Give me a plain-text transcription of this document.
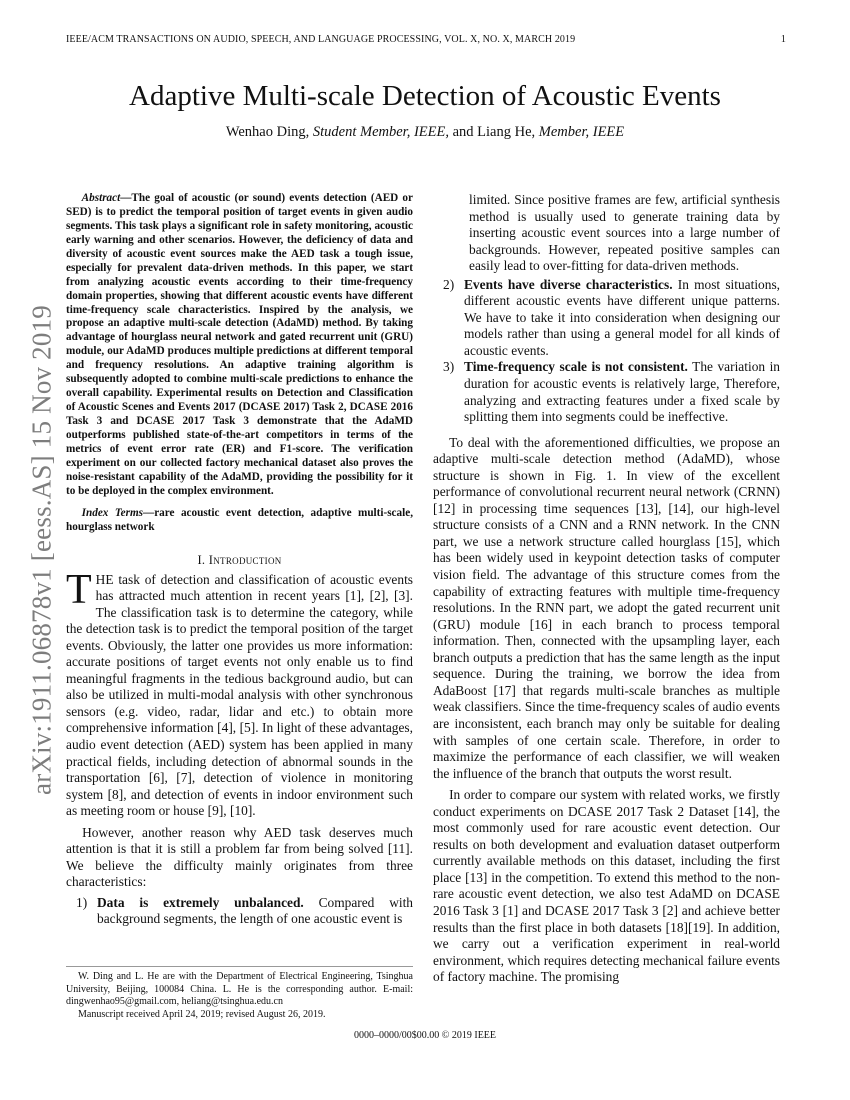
IEEE/ACM TRANSACTIONS ON AUDIO, SPEECH, AND LANGUAGE PROCESSING, VOL. X, NO. X, MARCH 2019	1
arXiv:1911.06878v1 [eess.AS] 15 Nov 2019
Adaptive Multi-scale Detection of Acoustic Events
Wenhao Ding, Student Member, IEEE, and Liang He, Member, IEEE

Abstract—The goal of acoustic (or sound) events detection (AED or SED) is to predict the temporal position of target events in given audio segments. This task plays a significant role in safety monitoring, acoustic early warning and other scenarios. However, the deficiency of data and diversity of acoustic event sources make the AED task a tough issue, especially for prevalent data-driven methods. In this paper, we start from analyzing acoustic events according to their time-frequency domain properties, showing that different acoustic events have different time-frequency scale characteristics. Inspired by the analysis, we propose an adaptive multi-scale detection (AdaMD) method. By taking advantage of hourglass neural network and gated recurrent unit (GRU) module, our AdaMD produces multiple predictions at different temporal and frequency resolutions. An adaptive training algorithm is subsequently adopted to combine multi-scale predictions to enhance the overall capability. Experimental results on Detection and Classification of Acoustic Scenes and Events 2017 (DCASE 2017) Task 2, DCASE 2016 Task 3 and DCASE 2017 Task 3 demonstrate that the AdaMD outperforms published state-of-the-art competitors in terms of the metrics of event error rate (ER) and F1-score. The verification experiment on our collected factory mechanical dataset also proves the noise-resistant capability of the AdaMD, providing the possibility for it to be deployed in the complex environment.

Index Terms—rare acoustic event detection, adaptive multi-scale, hourglass network

I. Introduction
THE task of detection and classification of acoustic events has attracted much attention in recent years [1], [2], [3]. The classification task is to determine the category, while the detection task is to predict the temporal position of the target events. Obviously, the latter one provides us more information: accurate positions of target events not only enable us to find meaningful fragments in the tedious background audio, but can also be utilized in multi-modal analysis with other synchronous sensors (e.g. video, radar, lidar and etc.) to obtain more comprehensive information [4], [5]. In light of these advantages, audio event detection (AED) system has been applied in many practical fields, including detection of abnormal sounds in the transportation [6], [7], detection of violence in monitoring system [8], and detection of events in indoor environment such as meeting room or house [9], [10].

However, another reason why AED task deserves much attention is that it is still a problem far from being solved [11]. We believe the difficulty mainly originates from three characteristics:

1) Data is extremely unbalanced. Compared with background segments, the length of one acoustic event is

limited. Since positive frames are few, artificial synthesis method is usually used to generate training data by inserting acoustic event sources into a large number of backgrounds. However, repeated positive samples can easily lead to over-fitting for data-driven methods.

2) Events have diverse characteristics. In most situations, different acoustic events have different unique patterns. We have to take it into consideration when designing our models rather than using a general model for all kinds of acoustic events.
3) Time-frequency scale is not consistent. The variation in duration for acoustic events is relatively large, Therefore, analyzing and extracting features under a fixed scale by splitting them into segments could be ineffective.

To deal with the aforementioned difficulties, we propose an adaptive multi-scale detection method (AdaMD), whose structure is shown in Fig. 1. In view of the excellent performance of convolutional recurrent neural network (CRNN) [12] in processing time sequences [13], [14], our high-level structure consists of a CNN and a RNN network. In the CNN part, we use a network structure called hourglass [15], which has been widely used in keypoint detection tasks of computer vision field. The advantage of this structure comes from the capability of extracting features with multiple time-frequency resolutions. In the RNN part, we adopt the gated recurrent unit (GRU) module [16] in each branch to process temporal information. Then, connected with the upsampling layer, each branch outputs a prediction that has the same length as the input sequence. During the training, we borrow the idea from AdaBoost [17] that regards multi-scale branches as multiple weak classifiers. Since the time-frequency scales of audio events are inconsistent, each branch may only be suitable for dealing with samples of one certain scale. Therefore, in order to maximize the performance of each classifier, we will weaken the influence of the branch that outputs the worst result.

In order to compare our system with related works, we firstly conduct experiments on DCASE 2017 Task 2 Dataset [14], the most commonly used for rare acoustic event detection. Our results on both development and evaluation dataset outperform currently available methods on this dataset, including the first place [13] in the competition. To extend this method to the non-rare acoustic event detection, we also test AdaMD on DCASE 2016 Task 3 [1] and DCASE 2017 Task 3 [2] and achieve better results than the first place in both datasets [18][19]. In addition, we carry out a verification experiment in real-world environment, which requires detecting mechanical failure events of factory machine. The promising

W. Ding and L. He are with the Department of Electrical Engineering, Tsinghua University, Beijing, 100084 China. L. He is the corresponding author. E-mail: dingwenhao95@gmail.com, heliang@tsinghua.edu.cn

Manuscript received April 24, 2019; revised August 26, 2019.

0000–0000/00$00.00 © 2019 IEEE
